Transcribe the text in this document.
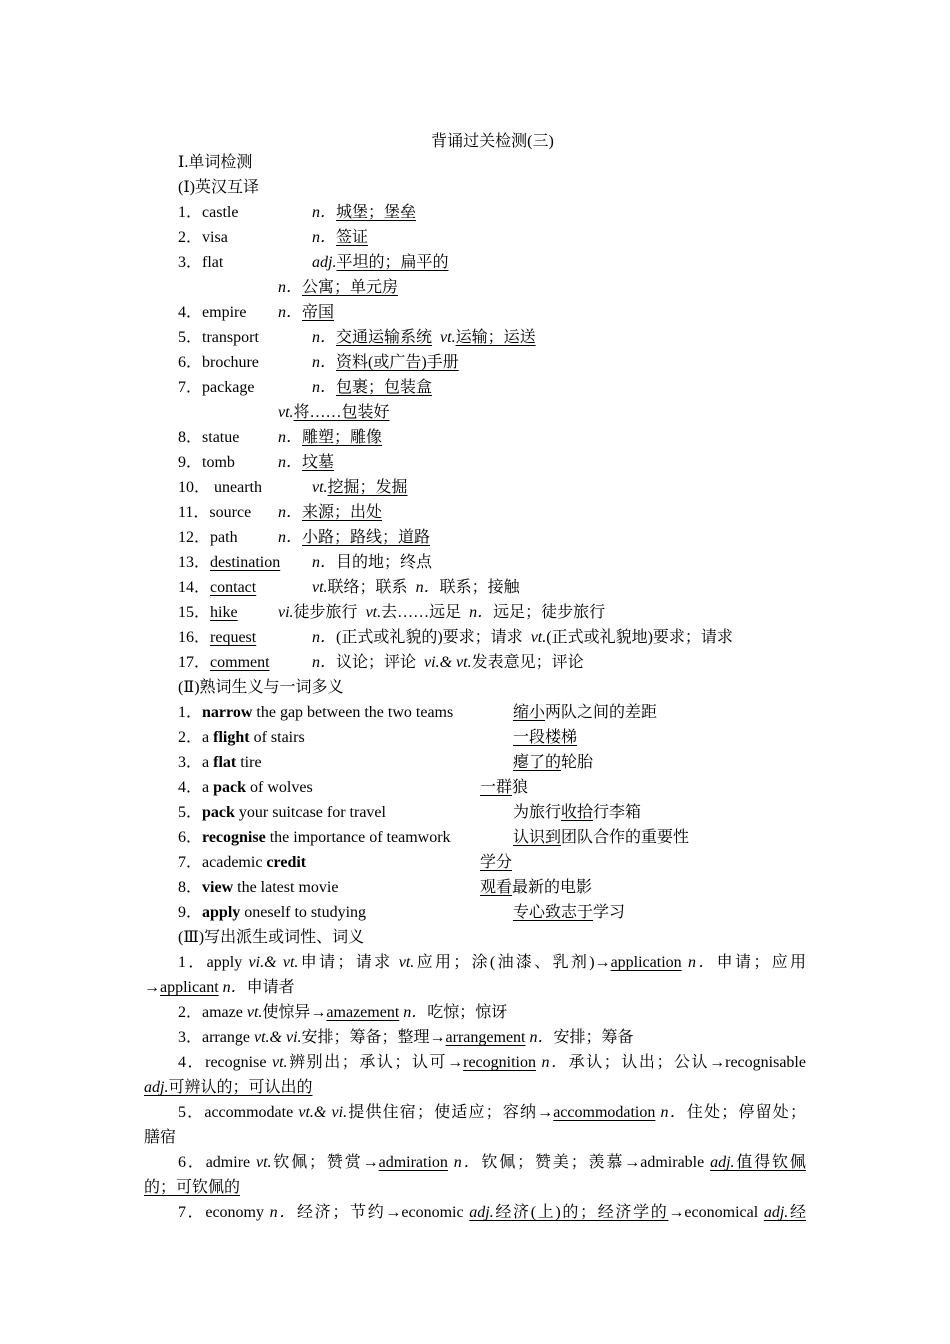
背诵过关检测(三)
Ⅰ.单词检测
(Ⅰ)英汉互译
1．castle	n．城堡；堡垒
2．visa	n．签证
3．flat	adj.平坦的；扁平的
n．公寓；单元房
4．empire n．帝国
5．transport	n．交通运输系统 vt.运输；运送
6．brochure	n．资料(或广告)手册
7．package	n．包裹；包装盒
vt.将……包装好
8．statue n．雕塑；雕像
9．tomb	n．坟墓
10． unearth	vt.挖掘；发掘
11．source n．来源；出处
12．path	n．小路；路线；道路
13．destination n．目的地；终点
14．contact	vt.联络；联系 n．联系；接触
15．hike	vi.徒步旅行 vt.去……远足 n．远足；徒步旅行
16．request	n．(正式或礼貌的)要求；请求 vt.(正式或礼貌地)要求；请求
17．comment	n．议论；评论 vi.& vt.发表意见；评论
(Ⅱ)熟词生义与一词多义
1．narrow the gap between the two teams	缩小两队之间的差距
2．a flight of stairs	一段楼梯
3．a flat tire	瘪了的轮胎
4．a pack of wolves	一群狼
5．pack your suitcase for travel	为旅行收拾行李箱
6．recognise the importance of teamwork	认识到团队合作的重要性
7．academic credit	学分
8．view the latest movie	观看最新的电影
9．apply oneself to studying	专心致志于学习
(Ⅲ)写出派生或词性、词义
1．apply vi.& vt.申请；请求 vt.应用；涂(油漆、乳剂)→application n．申请；应用
→applicant n．申请者
2．amaze vt.使惊异→amazement n．吃惊；惊讶
3．arrange vt.& vi.安排；筹备；整理→arrangement n．安排；筹备
4．recognise vt.辨别出；承认；认可→recognition n．承认；认出；公认→recognisable
adj.可辨认的；可认出的
5．accommodate vt.& vi.提供住宿；使适应；容纳→accommodation n．住处；停留处；
膳宿
6．admire vt.钦佩；赞赏→admiration n．钦佩；赞美；羡慕→admirable adj.值得钦佩
的；可钦佩的
7．economy n．经济；节约→economic adj.经济(上)的；经济学的→economical adj.经
